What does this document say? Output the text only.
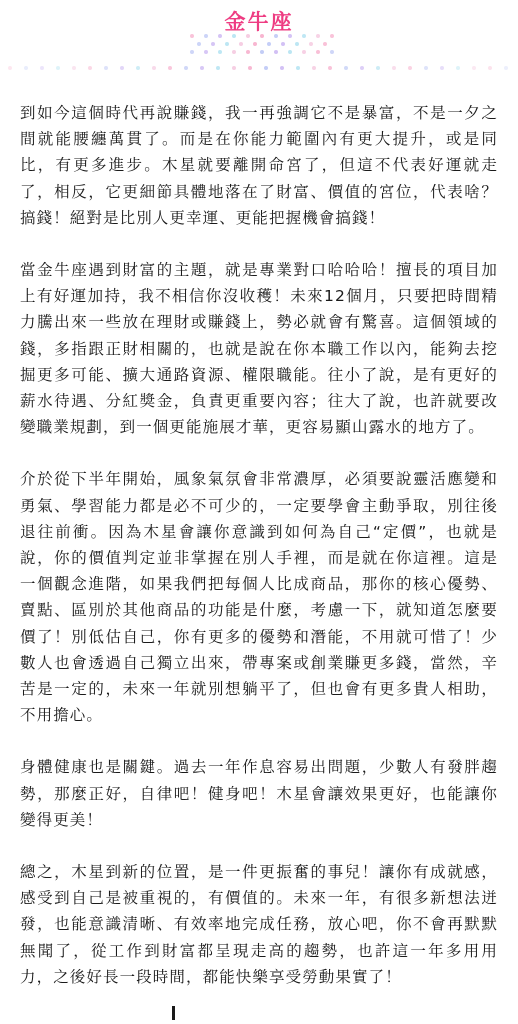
金牛座

到如今這個時代再說賺錢，我一再強調它不是暴富，不是一夕之間就能腰纏萬貫了。而是在你能力範圍內有更大提升，或是同比，有更多進步。木星就要離開命宮了，但這不代表好運就走了，相反，它更細節具體地落在了財富、價值的宮位，代表啥？搞錢！絕對是比別人更幸運、更能把握機會搞錢！

當金牛座遇到財富的主題，就是專業對口哈哈哈！擅長的項目加上有好運加持，我不相信你沒收穫！未來12個月，只要把時間精力騰出來一些放在理財或賺錢上，勢必就會有驚喜。這個領域的錢，多指跟正財相關的，也就是說在你本職工作以內，能夠去挖掘更多可能、擴大通路資源、權限職能。往小了說，是有更好的薪水待遇、分紅獎金，負責更重要內容；往大了說，也許就要改變職業規劃，到一個更能施展才華，更容易顯山露水的地方了。

介於從下半年開始，風象氣氛會非常濃厚，必須要說靈活應變和勇氣、學習能力都是必不可少的，一定要學會主動爭取，別往後退往前衝。因為木星會讓你意識到如何為自己“定價”，也就是說，你的價值判定並非掌握在別人手裡，而是就在你這裡。這是一個觀念進階，如果我們把每個人比成商品，那你的核心優勢、賣點、區別於其他商品的功能是什麼，考慮一下，就知道怎麼要價了！別低估自己，你有更多的優勢和潛能，不用就可惜了！少數人也會透過自己獨立出來，帶專案或創業賺更多錢，當然，辛苦是一定的，未來一年就別想躺平了，但也會有更多貴人相助，不用擔心。

身體健康也是關鍵。過去一年作息容易出問題，少數人有發胖趨勢，那麼正好，自律吧！健身吧！木星會讓效果更好，也能讓你變得更美！

總之，木星到新的位置，是一件更振奮的事兒！讓你有成就感，感受到自己是被重視的，有價值的。未來一年，有很多新想法迸發，也能意識清晰、有效率地完成任務，放心吧，你不會再默默無聞了，從工作到財富都呈現走高的趨勢，也許這一年多用用力，之後好長一段時間，都能快樂享受勞動果實了！
